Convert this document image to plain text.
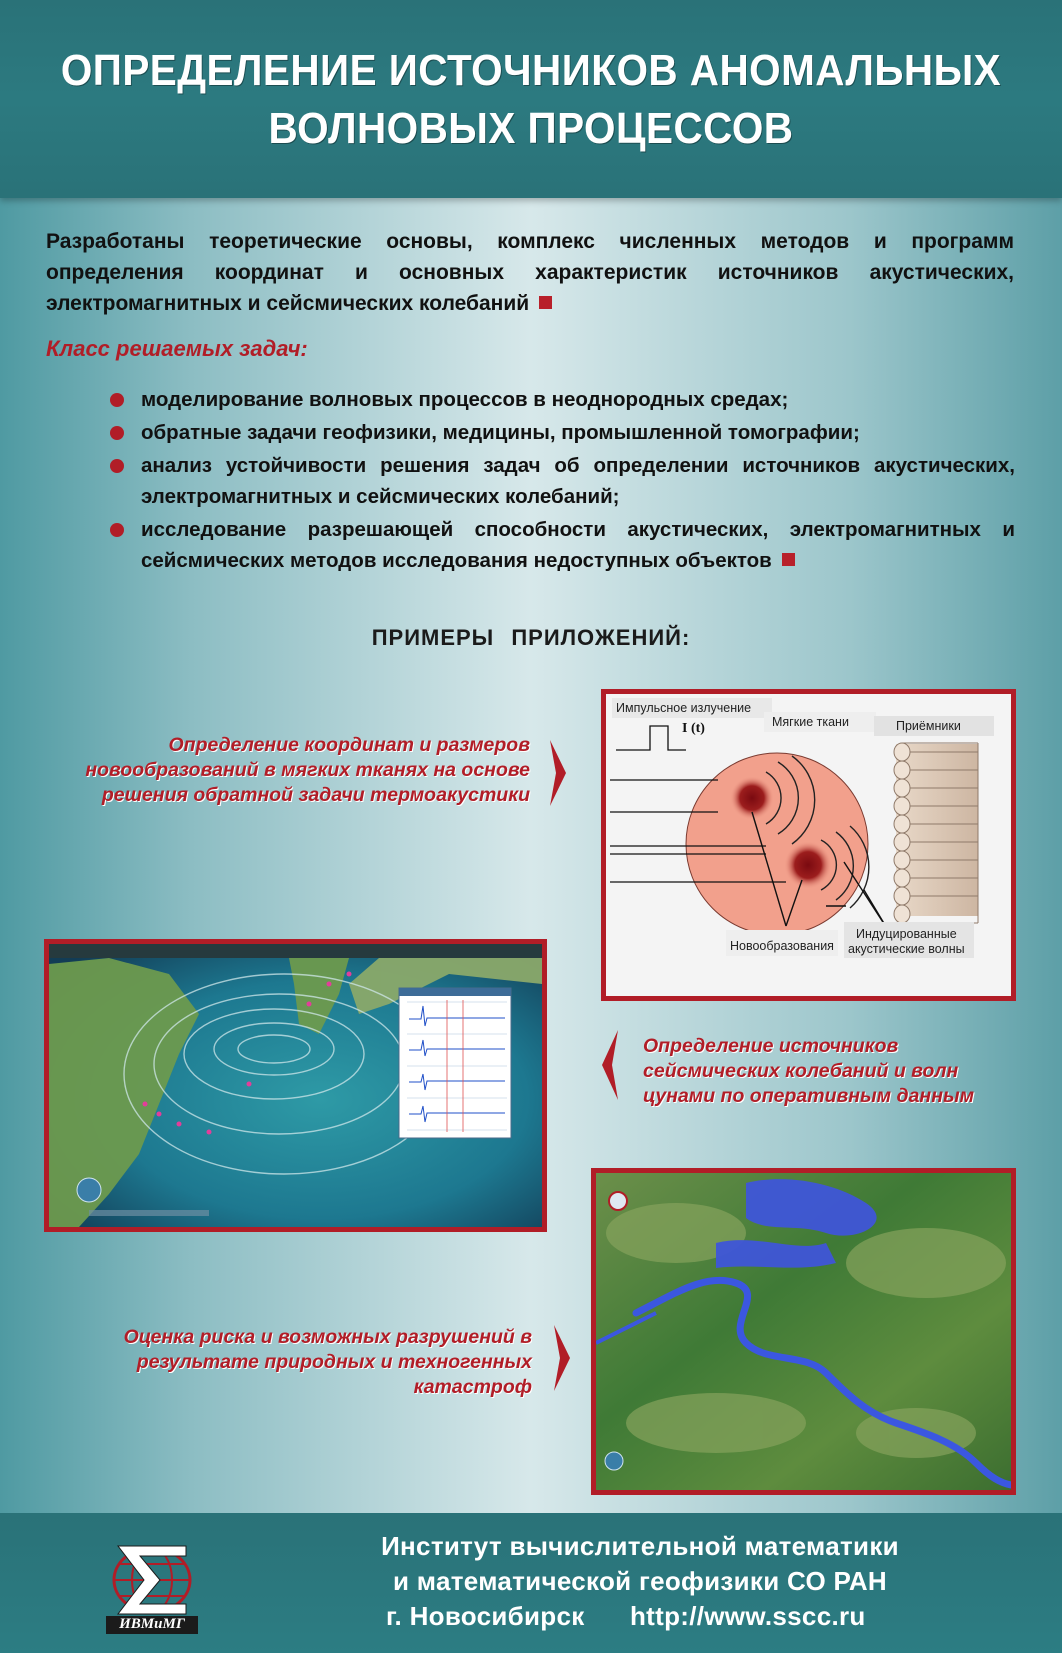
ОПРЕДЕЛЕНИЕ ИСТОЧНИКОВ АНОМАЛЬНЫХ
ВОЛНОВЫХ ПРОЦЕССОВ
Разработаны теоретические основы, комплекс численных методов и программ определения координат и основных характеристик источников акустических, электромагнитных и сейсмических колебаний
Класс решаемых задач:
моделирование волновых процессов в неоднородных средах;
обратные задачи геофизики, медицины, промышленной томографии;
анализ устойчивости решения задач об определении источников акустических, электромагнитных и сейсмических колебаний;
исследование разрешающей способности акустических, электромагнитных и сейсмических методов исследования недоступных объектов
ПРИМЕРЫ ПРИЛОЖЕНИЙ:
Определение координат и размеров
новообразований в мягких тканях на основе
решения обратной задачи термоакустики
Импульсное излучение
I (t)	Мягкие ткани	Приёмники
Новообразования
Индуцированные
акустические волны
Определение источников
сейсмических колебаний и волн
цунами по оперативным данным
Оценка риска и возможных разрушений в
результате природных и техногенных катастроф
Институт вычислительной математики
и математической геофизики СО РАН
г. Новосибирск	http://www.sscc.ru
ИВМиМГ
